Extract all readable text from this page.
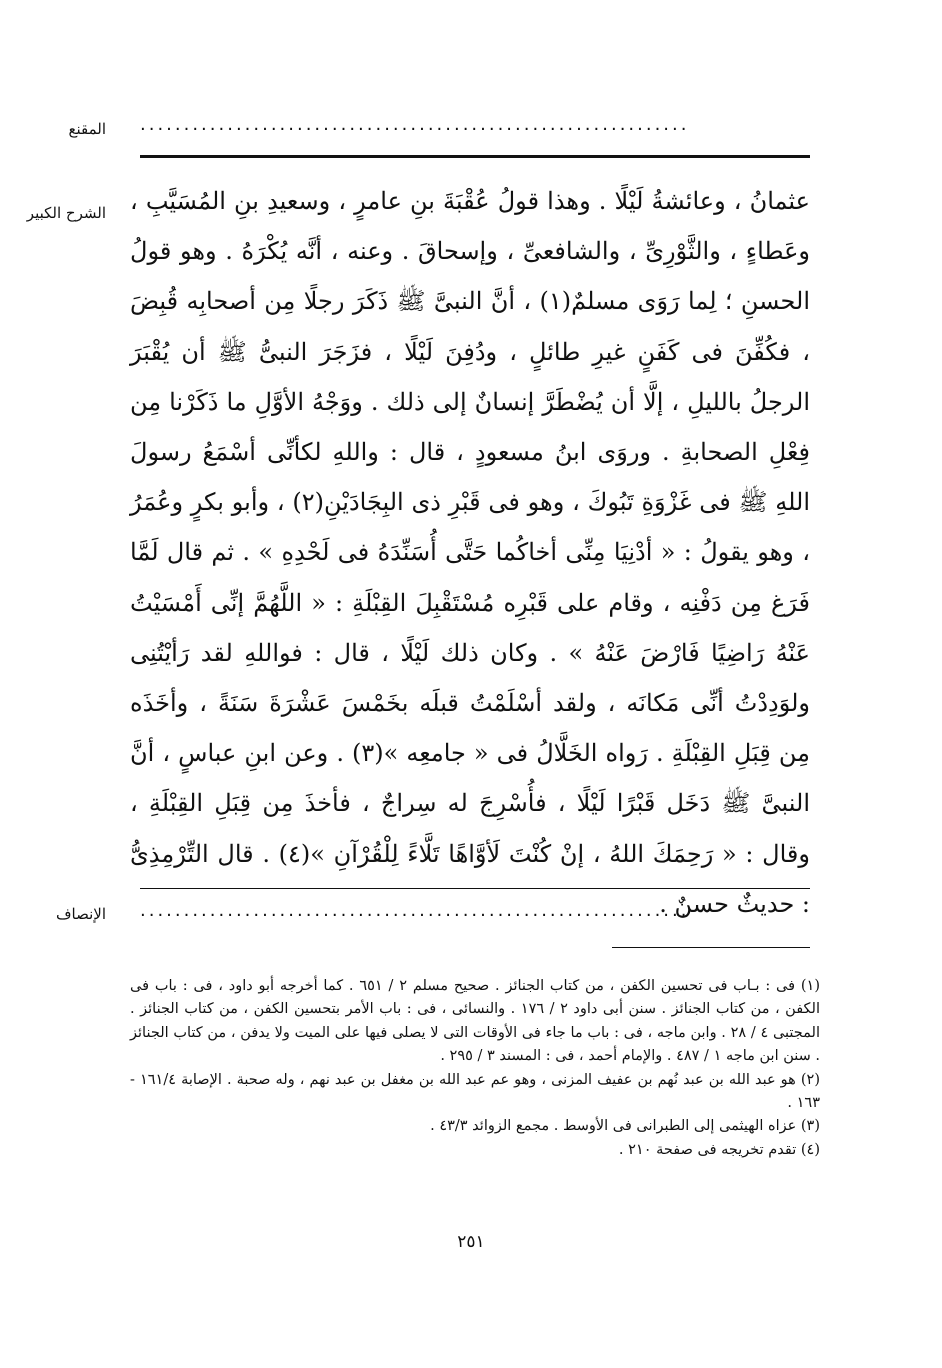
المقنع ...............................................................
الشرح الكبير عثمانُ ، وعائشةُ لَيْلًا . وهذا قولُ عُقْبَةَ بنِ عامرٍ ، وسعيدِ بنِ المُسَيَّبِ ، وعَطاءٍ ، والثَّوْرِىِّ ، والشافعىِّ ، وإسحاقَ . وعنه ، أنَّه يُكْرَهُ . وهو قولُ الحسنِ ؛ لِما رَوَى مسلمٌ(١) ، أنَّ النبىَّ ﷺ ذَكَرَ رجلًا مِن أصحابِه قُبِضَ ، فكُفِّنَ فى كَفَنٍ غيرِ طائلٍ ، ودُفِنَ لَيْلًا ، فزَجَرَ النبىُّ ﷺ أن يُقْبَرَ الرجلُ بالليلِ ، إلَّا أن يُضْطَرَّ إنسانٌ إلى ذلك . ووَجْهُ الأوَّلِ ما ذَكَرْنا مِن فِعْلِ الصحابةِ . وروَى ابنُ مسعودٍ ، قال : واللهِ لكأنِّى أسْمَعُ رسولَ اللهِ ﷺ فى غَزْوَةِ تَبُوكَ ، وهو فى قَبْرِ ذى البِجَادَيْنِ(٢) ، وأبو بكرٍ وعُمَرُ ، وهو يقولُ : « أدْنِيَا مِنِّى أخاكُما حَتَّى أُسَنِّدَهُ فى لَحْدِهِ » . ثم قال لَمَّا فَرَغ مِن دَفْنِه ، وقام على قَبْرِه مُسْتَقْبِلَ القِبْلَةِ : « اللَّهُمَّ إنِّى أَمْسَيْتُ عَنْهُ رَاضِيًا فَارْضَ عَنْهُ » . وكان ذلك لَيْلًا ، قال : فواللهِ لقد رَأيْتُنِى ولوَدِدْتُ أنِّى مَكانَه ، ولقد أسْلَمْتُ قبلَه بخَمْسَ عَشْرَةَ سَنَةً ، وأخَذَه مِن قِبَلِ القِبْلَةِ . رَواه الخَلَّالُ فى « جامعِه »(٣) . وعن ابنِ عباسٍ ، أنَّ النبىَّ ﷺ دَخَل قَبْرًا لَيْلًا ، فأُسْرِجَ له سِراجٌ ، فأخذَ مِن قِبَلِ القِبْلَةِ ، وقال : « رَحِمَكَ اللهُ ، إنْ كُنْتَ لَأوَّاهًا تَلَّاءً لِلْقُرْآنِ »(٤) . قال التِّرْمِذِىُّ : حديثٌ حسنٌ .

الإنصاف ...............................................................

(١) فى : بـاب فى تحسين الكفن ، من كتاب الجنائز . صحيح مسلم ٢ / ٦٥١ . كما أخرجه أبو داود ، فى : باب فى الكفن ، من كتاب الجنائز . سنن أبى داود ٢ / ١٧٦ . والنسائى ، فى : باب الأمر بتحسين الكفن ، من كتاب الجنائز . المجتبى ٤ / ٢٨ . وابن ماجه ، فى : باب ما جاء فى الأوقات التى لا يصلى فيها على الميت ولا يدفن ، من كتاب الجنائز . سنن ابن ماجه ١ / ٤٨٧ . والإمام أحمد ، فى : المسند ٣ / ٢٩٥ .

(٢) هو عبد الله بن عبد نُهم بن عفيف المزنى ، وهو عم عبد الله بن مغفل بن عبد نهم ، وله صحبة . الإصابة ١٦١/٤ - ١٦٣ .

(٣) عزاه الهيثمى إلى الطبرانى فى الأوسط . مجمع الزوائد ٤٣/٣ .

(٤) تقدم تخريجه فى صفحة ٢١٠ .

٢٥١
